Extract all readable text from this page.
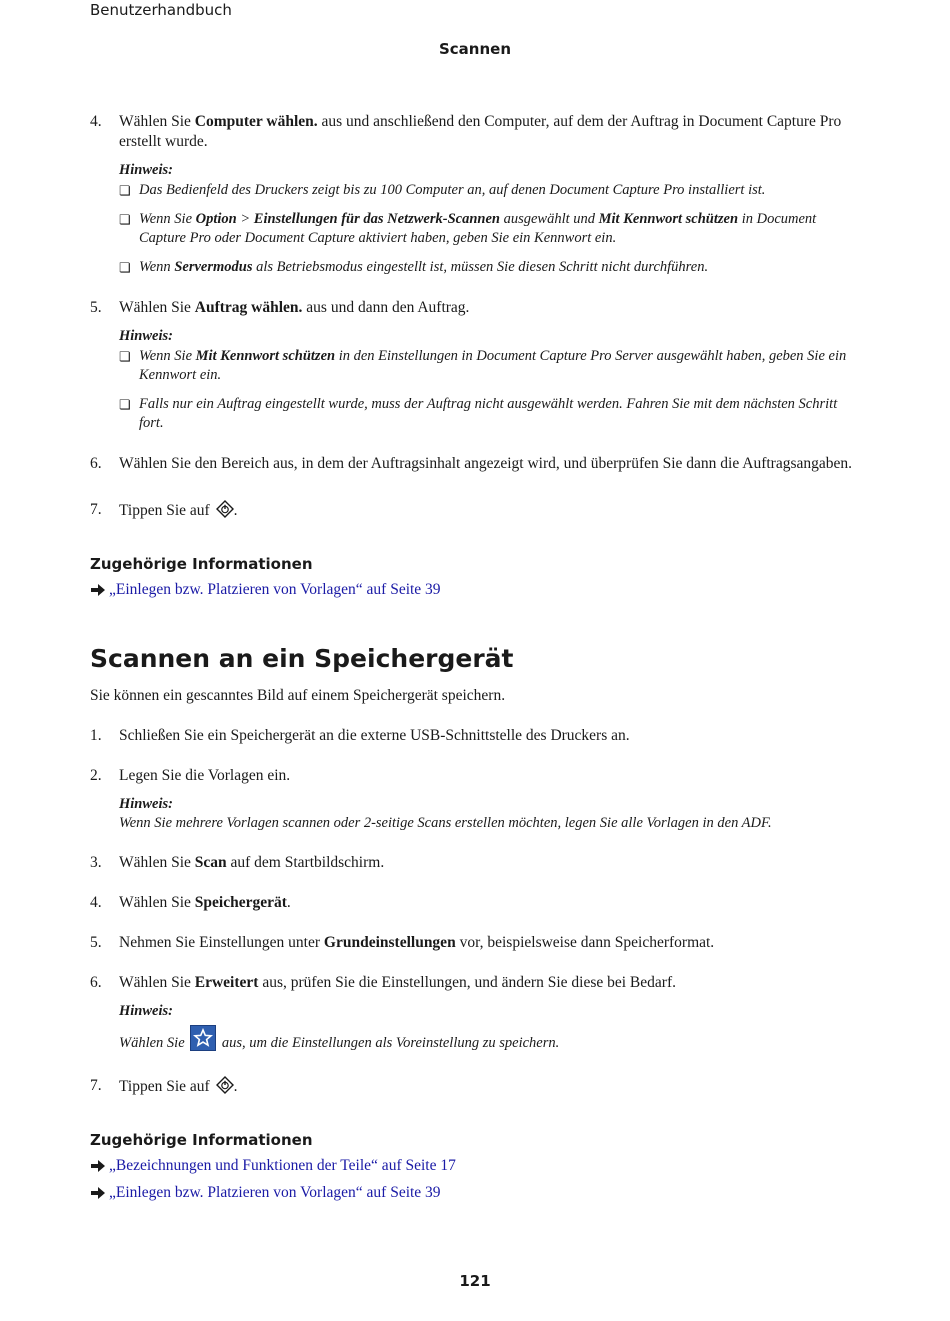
Benutzerhandbuch
Scannen
4.	Wählen Sie Computer wählen. aus und anschließend den Computer, auf dem der Auftrag in Document Capture Pro erstellt wurde.
Hinweis:
❏ Das Bedienfeld des Druckers zeigt bis zu 100 Computer an, auf denen Document Capture Pro installiert ist.
❏ Wenn Sie Option > Einstellungen für das Netzwerk-Scannen ausgewählt und Mit Kennwort schützen in Document Capture Pro oder Document Capture aktiviert haben, geben Sie ein Kennwort ein.
❏ Wenn Servermodus als Betriebsmodus eingestellt ist, müssen Sie diesen Schritt nicht durchführen.
5.	Wählen Sie Auftrag wählen. aus und dann den Auftrag.
Hinweis:
❏ Wenn Sie Mit Kennwort schützen in den Einstellungen in Document Capture Pro Server ausgewählt haben, geben Sie ein Kennwort ein.
❏ Falls nur ein Auftrag eingestellt wurde, muss der Auftrag nicht ausgewählt werden. Fahren Sie mit dem nächsten Schritt fort.
6.	Wählen Sie den Bereich aus, in dem der Auftragsinhalt angezeigt wird, und überprüfen Sie dann die Auftragsangaben.
7.	Tippen Sie auf .
Zugehörige Informationen
„Einlegen bzw. Platzieren von Vorlagen“ auf Seite 39
Scannen an ein Speichergerät
Sie können ein gescanntes Bild auf einem Speichergerät speichern.
1.	Schließen Sie ein Speichergerät an die externe USB-Schnittstelle des Druckers an.
2.	Legen Sie die Vorlagen ein.
Hinweis:
Wenn Sie mehrere Vorlagen scannen oder 2-seitige Scans erstellen möchten, legen Sie alle Vorlagen in den ADF.
3.	Wählen Sie Scan auf dem Startbildschirm.
4.	Wählen Sie Speichergerät.
5.	Nehmen Sie Einstellungen unter Grundeinstellungen vor, beispielsweise dann Speicherformat.
6.	Wählen Sie Erweitert aus, prüfen Sie die Einstellungen, und ändern Sie diese bei Bedarf.
Hinweis:
Wählen Sie
aus, um die Einstellungen als Voreinstellung zu speichern.
7.	Tippen Sie auf .
Zugehörige Informationen
„Bezeichnungen und Funktionen der Teile“ auf Seite 17
„Einlegen bzw. Platzieren von Vorlagen“ auf Seite 39
121
